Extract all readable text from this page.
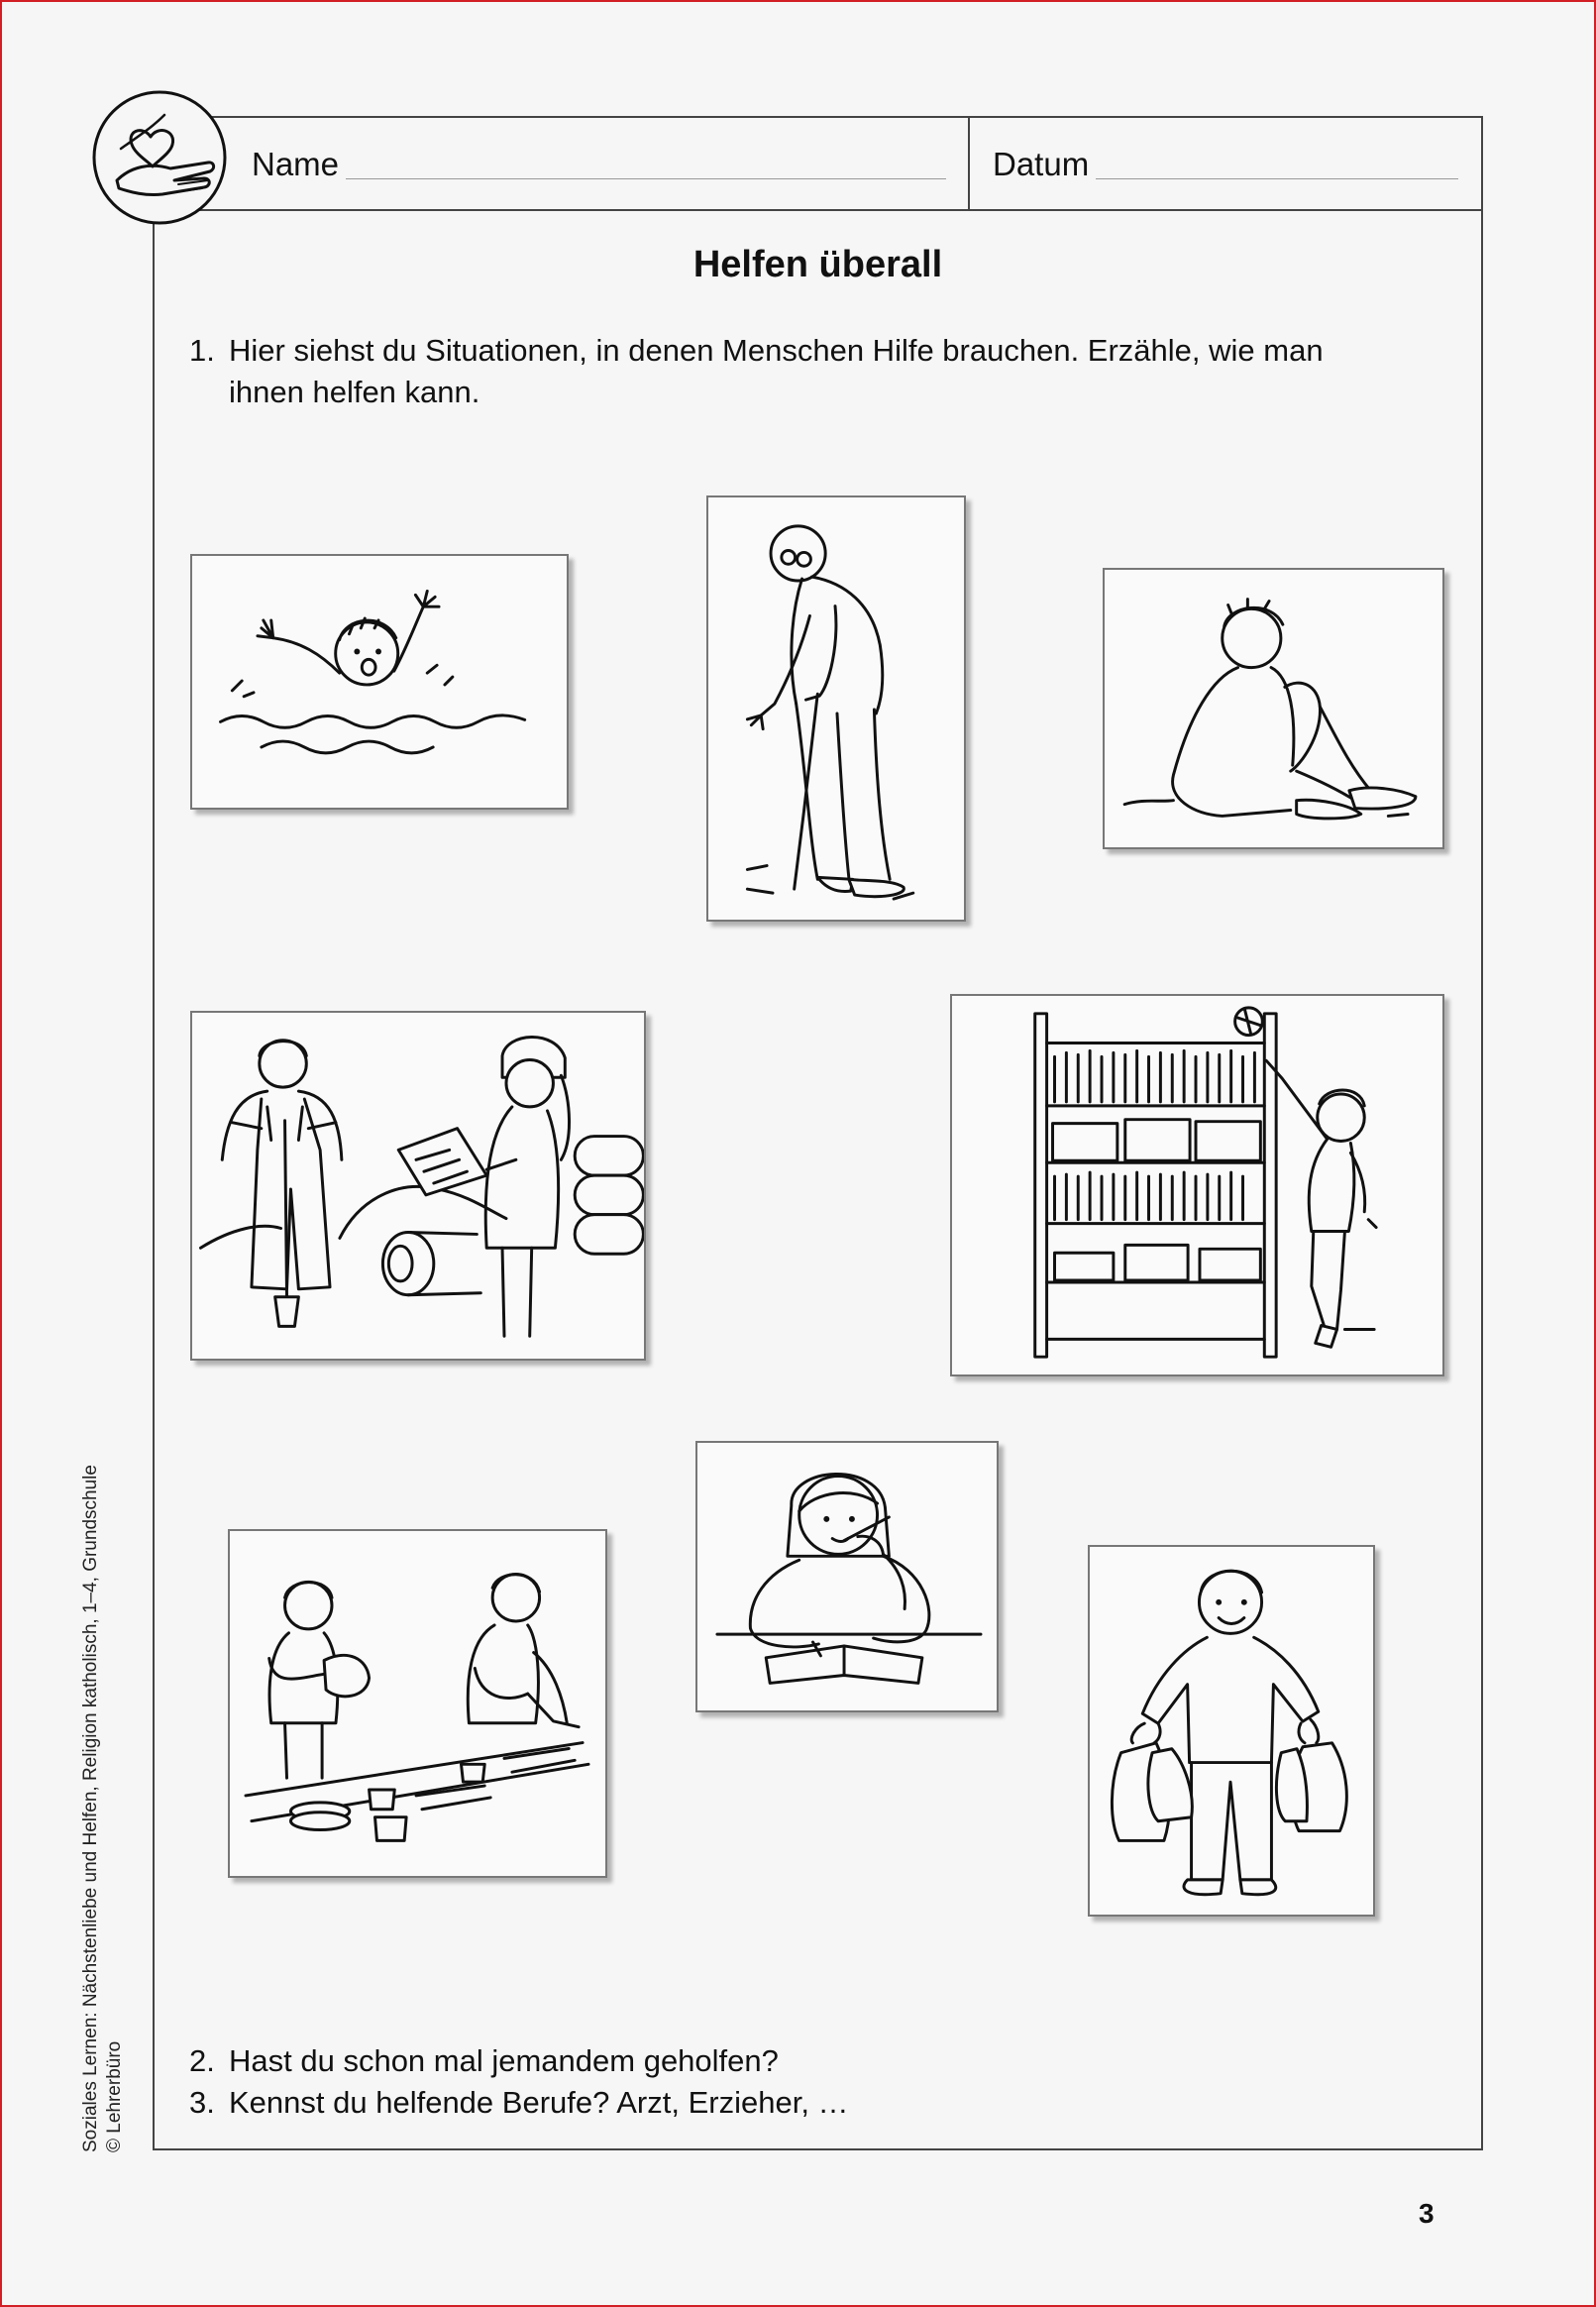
Name	Datum
Helfen überall
1. Hier siehst du Situationen, in denen Menschen Hilfe brauchen. Erzähle, wie man
ihnen helfen kann.
2. Hast du schon mal jemandem geholfen?
3. Kennst du helfende Berufe? Arzt, Erzieher, …
Soziales Lernen: Nächstenliebe und Helfen, Religion katholisch, 1–4, Grundschule © Lehrerbüro
3
